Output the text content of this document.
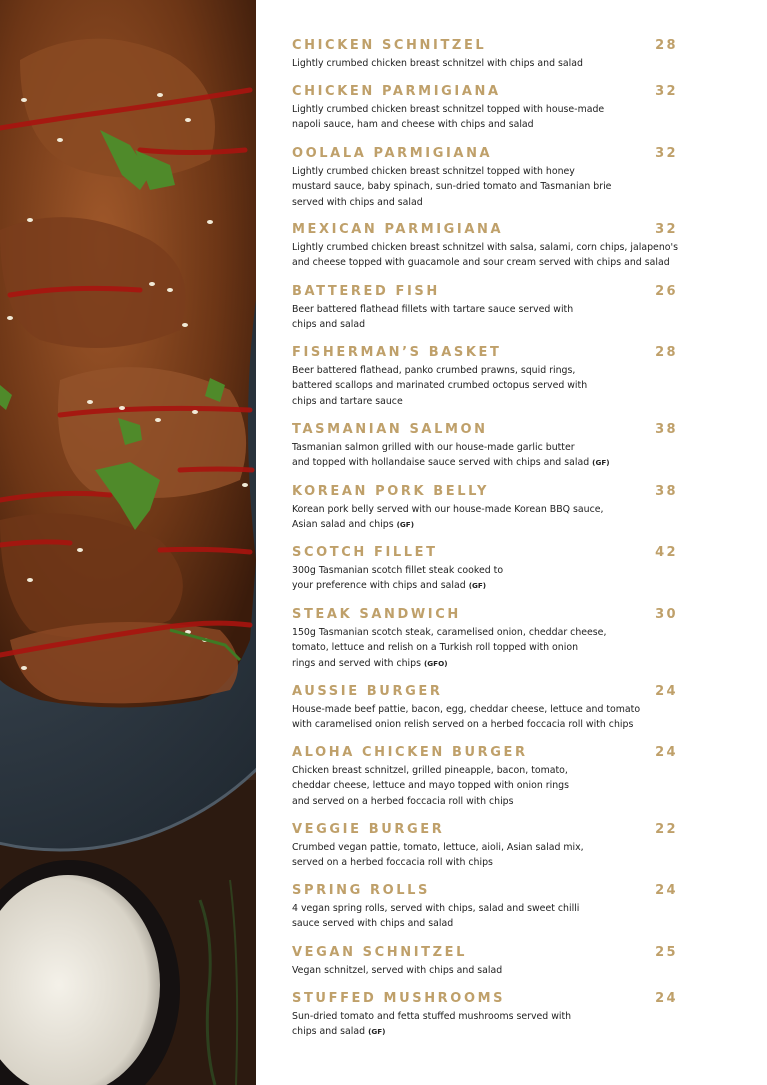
CHICKEN SCHNITZEL	28
Lightly crumbed chicken breast schnitzel with chips and salad
CHICKEN PARMIGIANA	32
Lightly crumbed chicken breast schnitzel topped with house-made
napoli sauce, ham and cheese with chips and salad
OOLALA PARMIGIANA	32
Lightly crumbed chicken breast schnitzel topped with honey
mustard sauce, baby spinach, sun-dried tomato and Tasmanian brie
served with chips and salad
MEXICAN PARMIGIANA	32
Lightly crumbed chicken breast schnitzel with salsa, salami, corn chips, jalapeno's
and cheese topped with guacamole and sour cream served with chips and salad
BATTERED FISH	26
Beer battered flathead fillets with tartare sauce served with
chips and salad
FISHERMAN’S BASKET	28
Beer battered flathead, panko crumbed prawns, squid rings,
battered scallops and marinated crumbed octopus served with
chips and tartare sauce
TASMANIAN SALMON	38
Tasmanian salmon grilled with our house-made garlic butter
and topped with hollandaise sauce served with chips and salad (GF)
KOREAN PORK BELLY	38
Korean pork belly served with our house-made Korean BBQ sauce,
Asian salad and chips (GF)
SCOTCH FILLET	42
300g Tasmanian scotch fillet steak cooked to
your preference with chips and salad (GF)
STEAK SANDWICH	30
150g Tasmanian scotch steak, caramelised onion, cheddar cheese,
tomato, lettuce and relish on a Turkish roll topped with onion
rings and served with chips (GFO)
AUSSIE BURGER	24
House-made beef pattie, bacon, egg, cheddar cheese, lettuce and tomato
with caramelised onion relish served on a herbed foccacia roll with chips
ALOHA CHICKEN BURGER	24
Chicken breast schnitzel, grilled pineapple, bacon, tomato,
cheddar cheese, lettuce and mayo topped with onion rings
and served on a herbed foccacia roll with chips
VEGGIE BURGER	22
Crumbed vegan pattie, tomato, lettuce, aioli, Asian salad mix,
served on a herbed foccacia roll with chips
SPRING ROLLS	24
4 vegan spring rolls, served with chips, salad and sweet chilli
sauce served with chips and salad
VEGAN SCHNITZEL	25
Vegan schnitzel, served with chips and salad
STUFFED MUSHROOMS	24
Sun-dried tomato and fetta stuffed mushrooms served with
chips and salad (GF)
